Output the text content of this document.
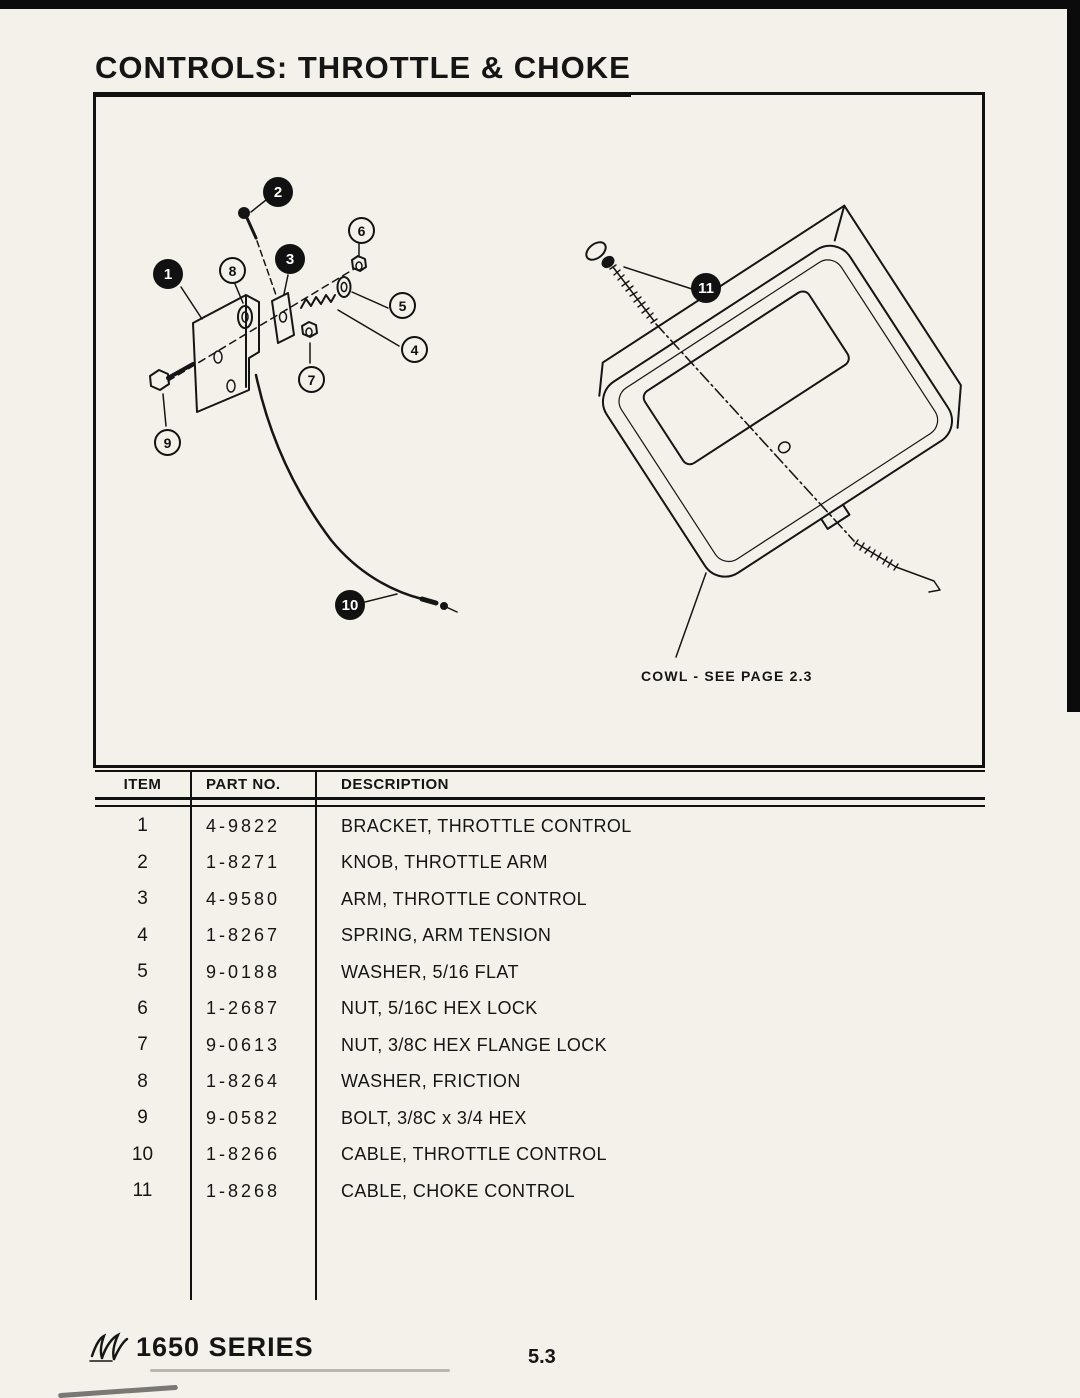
CONTROLS: THROTTLE & CHOKE
1
2
3
4
5
6
7
8
9
10
11
COWL - SEE PAGE 2.3
ITEM	PART NO.	DESCRIPTION
1	4-9822	BRACKET, THROTTLE CONTROL
2	1-8271	KNOB, THROTTLE ARM
3	4-9580	ARM, THROTTLE CONTROL
4	1-8267	SPRING, ARM TENSION
5	9-0188	WASHER, 5/16 FLAT
6	1-2687	NUT, 5/16C HEX LOCK
7	9-0613	NUT, 3/8C HEX FLANGE LOCK
8	1-8264	WASHER, FRICTION
9	9-0582	BOLT, 3/8C x 3/4 HEX
10	1-8266	CABLE, THROTTLE CONTROL
11	1-8268	CABLE, CHOKE CONTROL
1650 SERIES	5.3
